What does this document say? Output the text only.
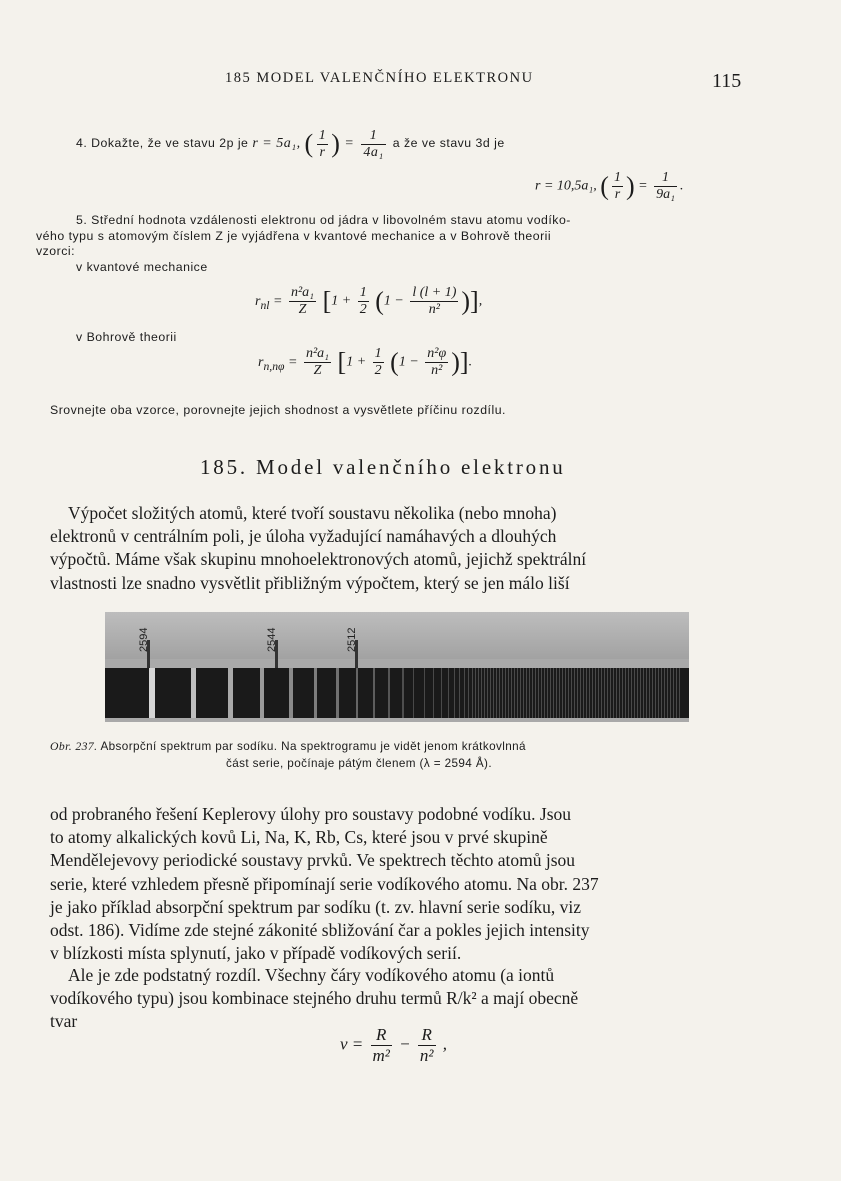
185 MODEL VALENČNÍHO ELEKTRONU	115
4. Dokažte, že ve stavu 2p je r = 5a₁, ( $\frac{1}{r}$ ) = $\frac{1}{\text{4a₁}}$ a že ve stavu 3d je
r = 10,5a₁, ( $\frac{1}{r}$ ) = $\frac{1}{\text{9a₁}}$ .
5. Střední hodnota vzdálenosti elektronu od jádra v libovolném stavu atomu vodíko-
vého typu s atomovým číslem Z je vyjádřena v kvantové mechanice a v Bohrově theorii
vzorci:
v kvantové mechanice
$r_{nl} = \frac{\text{n²a₁}}{Z} [1 + \frac{1}{2} (1 - \frac{l (l + 1)}{\text{n²}}$ )],
v Bohrově theorii
$r_{n,n\varphi} = \frac{\text{n²a₁}}{Z} [1 + \frac{1}{2} (1 - \frac{\text{n²φ}}{\text{n²}}$ )].
Srovnejte oba vzorce, porovnejte jejich shodnost a vysvětlete příčinu rozdílu.
185. Model valenčního elektronu
Výpočet složitých atomů, které tvoří soustavu několika (nebo mnoha)
elektronů v centrálním poli, je úloha vyžadující namáhavých a dlouhých
výpočtů. Máme však skupinu mnohoelektronových atomů, jejichž spektrální
vlastnosti lze snadno vysvětlit přibližným výpočtem, který se jen málo liší
2594	2544	2512
Obr. 237. Absorpční spektrum par sodíku. Na spektrogramu je vidět jenom krátkovlnná
část serie, počínaje pátým členem (λ = 2594 Å).
od probraného řešení Keplerovy úlohy pro soustavy podobné vodíku. Jsou
to atomy alkalických kovů Li, Na, K, Rb, Cs, které jsou v prvé skupině
Mendělejevovy periodické soustavy prvků. Ve spektrech těchto atomů jsou
serie, které vzhledem přesně připomínají serie vodíkového atomu. Na obr. 237
je jako příklad absorpční spektrum par sodíku (t. zv. hlavní serie sodíku, viz
odst. 186). Vidíme zde stejné zákonité sbližování čar a pokles jejich intensity
v blízkosti místa splynutí, jako v případě vodíkových serií.
Ale je zde podstatný rozdíl. Všechny čáry vodíkového atomu (a iontů
vodíkového typu) jsou kombinace stejného druhu termů R/k² a mají obecně
tvar
$\nu = \frac{R}{\text{m²}} - \frac{R}{\text{n²}}$ ,
